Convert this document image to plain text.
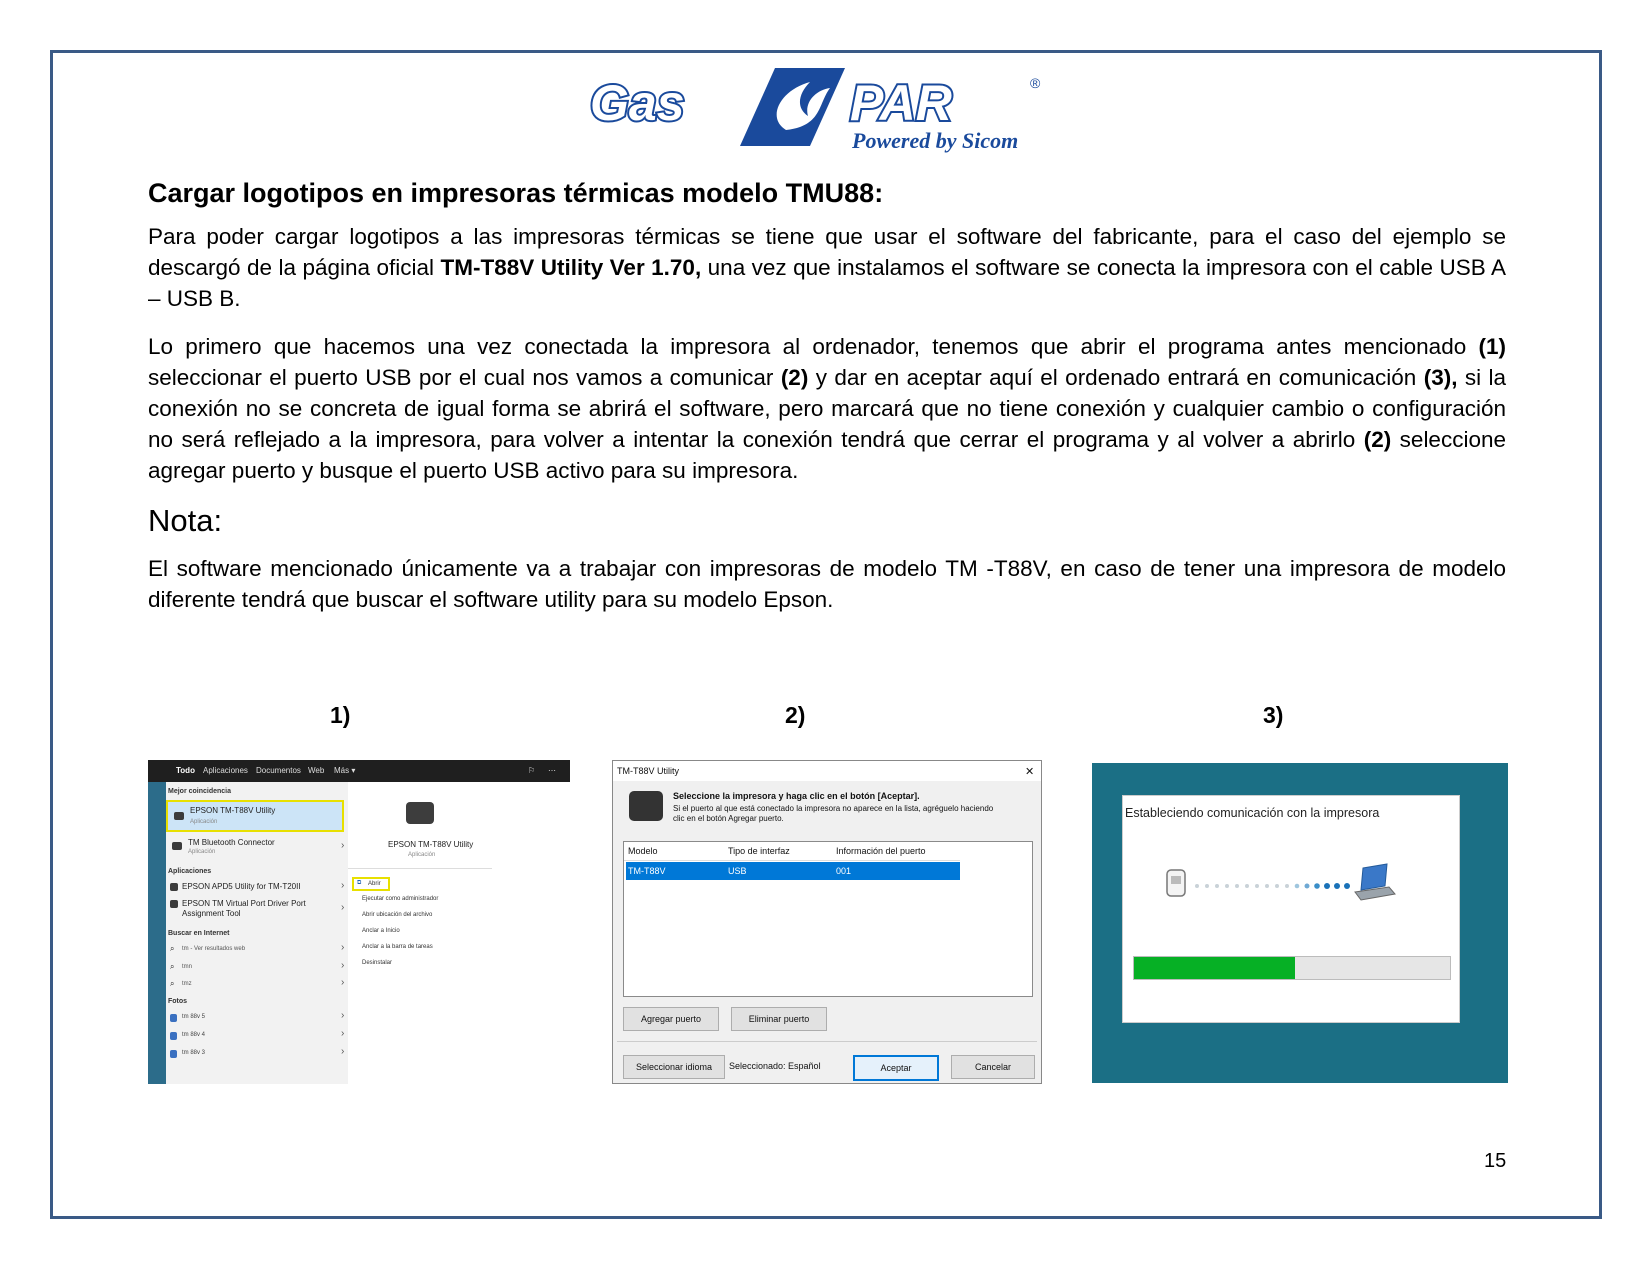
Gas	PAR	®
Powered by Sicom
Cargar logotipos en impresoras térmicas modelo TMU88:

Para poder cargar logotipos a las impresoras térmicas se tiene que usar el software del fabricante, para el caso del ejemplo se descargó de la página oficial TM-T88V Utility Ver 1.70, una vez que instalamos el software se conecta la impresora con el cable USB A – USB B.

Lo primero que hacemos una vez conectada la impresora al ordenador, tenemos que abrir el programa antes mencionado (1) seleccionar el puerto USB por el cual nos vamos a comunicar (2) y dar en aceptar aquí el ordenado entrará en comunicación (3), si la conexión no se concreta de igual forma se abrirá el software, pero marcará que no tiene conexión y cualquier cambio o configuración no será reflejado a la impresora, para volver a intentar la conexión tendrá que cerrar el programa y al volver a abrirlo (2) seleccione agregar puerto y busque el puerto USB activo para su impresora.

Nota:

El software mencionado únicamente va a trabajar con impresoras de modelo TM -T88V, en caso de tener una impresora de modelo diferente tendrá que buscar el software utility para su modelo Epson.

1)	2)	3)
Todo Aplicaciones Documentos Web Más ▾	⚐ ⋯
Mejor coincidencia
EPSON TM-T88V Utility
Aplicación
TM Bluetooth Connector
Aplicación
›
Aplicaciones
EPSON APD5 Utility for TM-T20II	›
EPSON TM Virtual Port Driver Port
Assignment Tool
›
Buscar en Internet
⌕ tm - Ver resultados web	›
⌕ tmn	›
⌕ tmz	›
Fotos
tm 88v 5	›
tm 88v 4	›
tm 88v 3	›
EPSON TM-T88V Utility
Aplicación
⧉ Abrir
Ejecutar como administrador
Abrir ubicación del archivo
Anclar a Inicio
Anclar a la barra de tareas
Desinstalar
TM-T88V Utility	✕
Seleccione la impresora y haga clic en el botón [Aceptar].
Si el puerto al que está conectado la impresora no aparece en la lista, agréguelo haciendo
clic en el botón Agregar puerto.
Modelo	Tipo de interfaz	Información del puerto
TM-T88V	USB	001
Agregar puerto	Eliminar puerto
Seleccionar idioma	Seleccionado: Español	Aceptar	Cancelar
Estableciendo comunicación con la impresora
15
